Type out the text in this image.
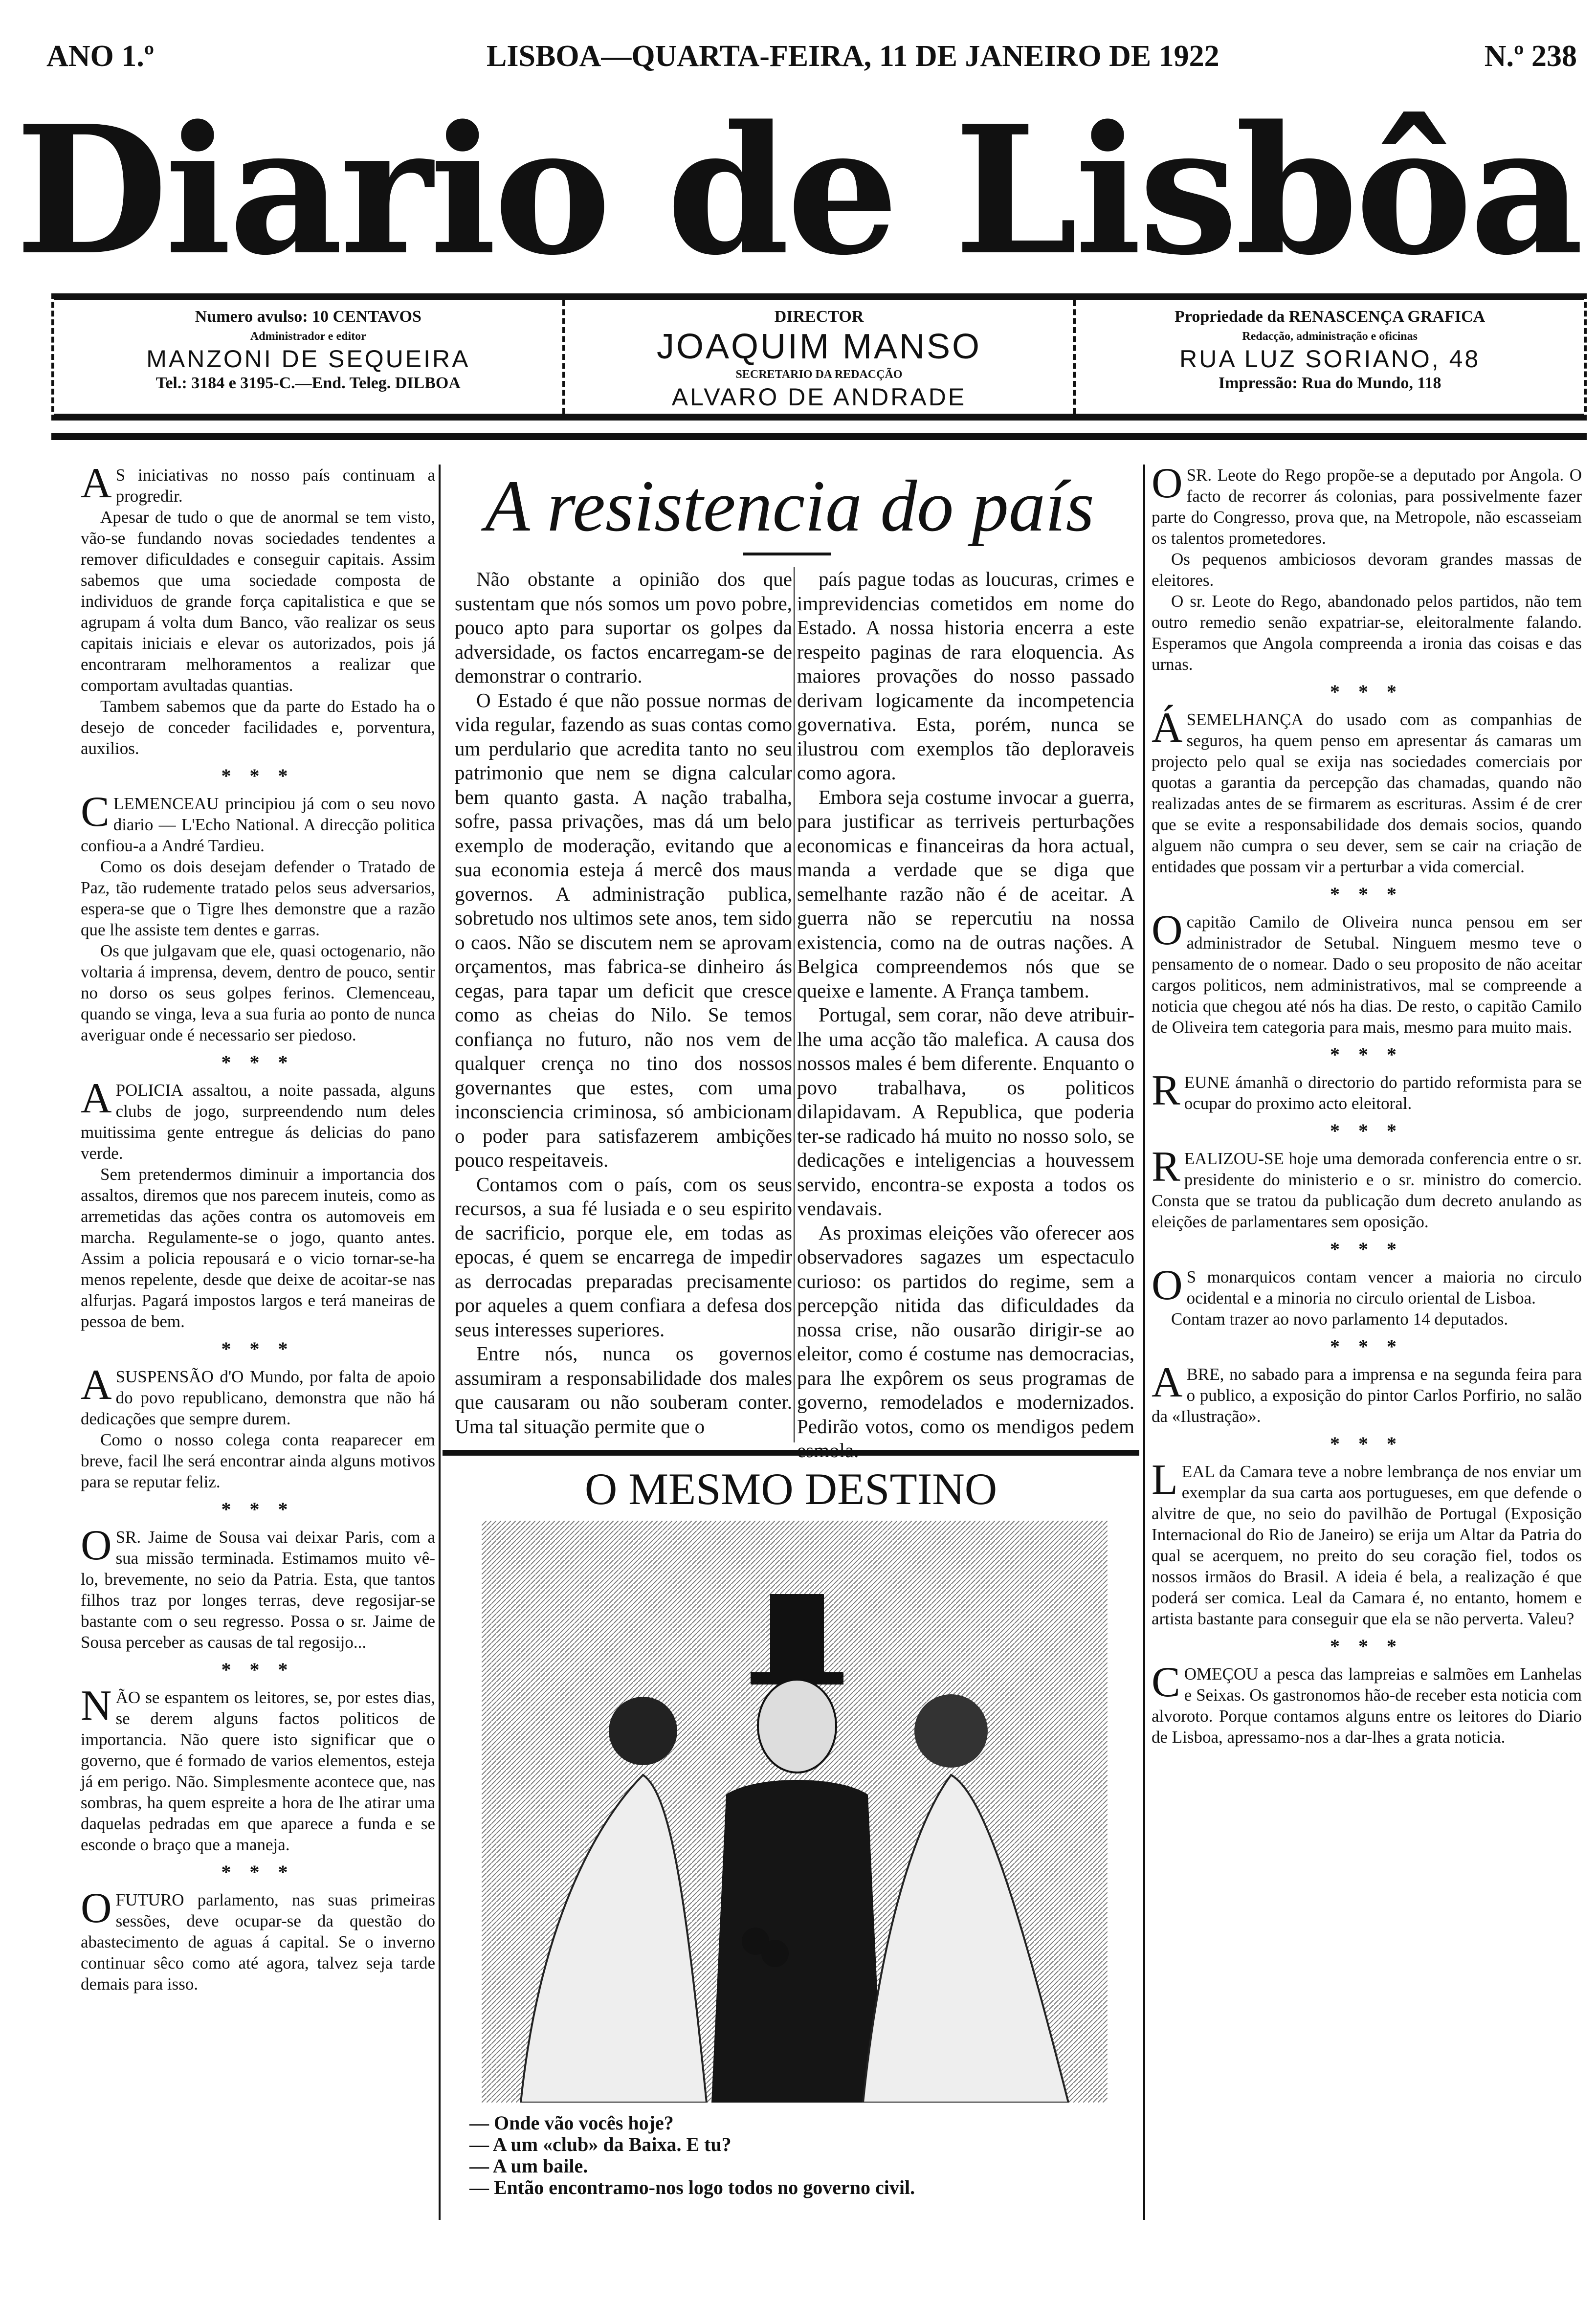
ANO 1.º	LISBOA—QUARTA-FEIRA, 11 DE JANEIRO DE 1922	N.º 238
Diario de Lisbôa
Numero avulso: 10 CENTAVOS
Administrador e editor
MANZONI DE SEQUEIRA
Tel.: 3184 e 3195-C.—End. Teleg. DILBOA
DIRECTOR
JOAQUIM MANSO
SECRETARIO DA REDACÇÃO
ALVARO DE ANDRADE
Propriedade da RENASCENÇA GRAFICA
Redacção, administração e oficinas
RUA LUZ SORIANO, 48
Impressão: Rua do Mundo, 118

AS iniciativas no nosso país continuam a progredir.

Apesar de tudo o que de anormal se tem visto, vão-se fundando novas sociedades tendentes a remover dificuldades e conseguir capitais. Assim sabemos que uma sociedade composta de individuos de grande força capitalistica e que se agrupam á volta dum Banco, vão realizar os seus capitais iniciais e elevar os autorizados, pois já encontraram melhoramentos a realizar que comportam avultadas quantias.

Tambem sabemos que da parte do Estado ha o desejo de conceder facilidades e, porventura, auxilios.

* * *

CLEMENCEAU principiou já com o seu novo diario — L'Echo National. A direcção politica confiou-a a André Tardieu.

Como os dois desejam defender o Tratado de Paz, tão rudemente tratado pelos seus adversarios, espera-se que o Tigre lhes demonstre que a razão que lhe assiste tem dentes e garras.

Os que julgavam que ele, quasi octogenario, não voltaria á imprensa, devem, dentro de pouco, sentir no dorso os seus golpes ferinos. Clemenceau, quando se vinga, leva a sua furia ao ponto de nunca averiguar onde é necessario ser piedoso.

* * *

APOLICIA assaltou, a noite passada, alguns clubs de jogo, surpreendendo num deles muitissima gente entregue ás delicias do pano verde.

Sem pretendermos diminuir a importancia dos assaltos, diremos que nos parecem inuteis, como as arremetidas das ações contra os automoveis em marcha. Regulamente-se o jogo, quanto antes. Assim a policia repousará e o vicio tornar-se-ha menos repelente, desde que deixe de acoitar-se nas alfurjas. Pagará impostos largos e terá maneiras de pessoa de bem.

* * *

ASUSPENSÃO d'O Mundo, por falta de apoio do povo republicano, demonstra que não há dedicações que sempre durem.

Como o nosso colega conta reaparecer em breve, facil lhe será encontrar ainda alguns motivos para se reputar feliz.

* * *

OSR. Jaime de Sousa vai deixar Paris, com a sua missão terminada. Estimamos muito vê-lo, brevemente, no seio da Patria. Esta, que tantos filhos traz por longes terras, deve regosijar-se bastante com o seu regresso. Possa o sr. Jaime de Sousa perceber as causas de tal regosijo...

* * *

NÃO se espantem os leitores, se, por estes dias, se derem alguns factos politicos de importancia. Não quere isto significar que o governo, que é formado de varios elementos, esteja já em perigo. Não. Simplesmente acontece que, nas sombras, ha quem espreite a hora de lhe atirar uma daquelas pedradas em que aparece a funda e se esconde o braço que a maneja.

* * *

OFUTURO parlamento, nas suas primeiras sessões, deve ocupar-se da questão do abastecimento de aguas á capital. Se o inverno continuar sêco como até agora, talvez seja tarde demais para isso.

A resistencia do país

Não obstante a opinião dos que sustentam que nós somos um povo pobre, pouco apto para suportar os golpes da adversidade, os factos encarregam-se de demonstrar o contrario.

O Estado é que não possue normas de vida regular, fazendo as suas contas como um perdulario que acredita tanto no seu patrimonio que nem se digna calcular bem quanto gasta. A nação trabalha, sofre, passa privações, mas dá um belo exemplo de moderação, evitando que a sua economia esteja á mercê dos maus governos. A administração publica, sobretudo nos ultimos sete anos, tem sido o caos. Não se discutem nem se aprovam orçamentos, mas fabrica-se dinheiro ás cegas, para tapar um deficit que cresce como as cheias do Nilo. Se temos confiança no futuro, não nos vem de qualquer crença no tino dos nossos governantes que estes, com uma inconsciencia criminosa, só ambicionam o poder para satisfazerem ambições pouco respeitaveis.

Contamos com o país, com os seus recursos, a sua fé lusiada e o seu espirito de sacrificio, porque ele, em todas as epocas, é quem se encarrega de impedir as derrocadas preparadas precisamente por aqueles a quem confiara a defesa dos seus interesses superiores.

Entre nós, nunca os governos assumiram a responsabilidade dos males que causaram ou não souberam conter. Uma tal situação permite que o

país pague todas as loucuras, crimes e imprevidencias cometidos em nome do Estado. A nossa historia encerra a este respeito paginas de rara eloquencia. As maiores provações do nosso passado derivam logicamente da incompetencia governativa. Esta, porém, nunca se ilustrou com exemplos tão deploraveis como agora.

Embora seja costume invocar a guerra, para justificar as terriveis perturbações economicas e financeiras da hora actual, manda a verdade que se diga que semelhante razão não é de aceitar. A guerra não se repercutiu na nossa existencia, como na de outras nações. A Belgica compreendemos nós que se queixe e lamente. A França tambem.

Portugal, sem corar, não deve atribuir-lhe uma acção tão malefica. A causa dos nossos males é bem diferente. Enquanto o povo trabalhava, os politicos dilapidavam. A Republica, que poderia ter-se radicado há muito no nosso solo, se dedicações e inteligencias a houvessem servido, encontra-se exposta a todos os vendavais.

As proximas eleições vão oferecer aos observadores sagazes um espectaculo curioso: os partidos do regime, sem a percepção nitida das dificuldades da nossa crise, não ousarão dirigir-se ao eleitor, como é costume nas democracias, para lhe expôrem os seus programas de governo, remodelados e modernizados. Pedirão votos, como os mendigos pedem

O MESMO DESTINO
— Onde vão vocês hoje?
— A um «club» da Baixa. E tu?
— A um baile.
— Então encontramo-nos logo todos no governo civil.

OSR. Leote do Rego propõe-se a deputado por Angola. O facto de recorrer ás colonias, para possivelmente fazer parte do Congresso, prova que, na Metropole, não escasseiam os talentos prometedores.

Os pequenos ambiciosos devoram grandes massas de eleitores.

O sr. Leote do Rego, abandonado pelos partidos, não tem outro remedio senão expatriar-se, eleitoralmente falando. Esperamos que Angola compreenda a ironia das coisas e das urnas.

* * *

ÁSEMELHANÇA do usado com as companhias de seguros, ha quem penso em apresentar ás camaras um projecto pelo qual se exija nas sociedades comerciais por quotas a garantia da percepção das chamadas, quando não realizadas antes de se firmarem as escrituras. Assim é de crer que se evite a responsabilidade dos demais socios, quando alguem não cumpra o seu dever, sem se cair na criação de entidades que possam vir a perturbar a vida comercial.

* * *

Ocapitão Camilo de Oliveira nunca pensou em ser administrador de Setubal. Ninguem mesmo teve o pensamento de o nomear. Dado o seu proposito de não aceitar cargos politicos, nem administrativos, mal se compreende a noticia que chegou até nós ha dias. De resto, o capitão Camilo de Oliveira tem categoria para mais, mesmo para muito mais.

* * *

REUNE ámanhã o directorio do partido reformista para se ocupar do proximo acto eleitoral.

* * *

REALIZOU-SE hoje uma demorada conferencia entre o sr. presidente do ministerio e o sr. ministro do comercio. Consta que se tratou da publicação dum decreto anulando as eleições de parlamentares sem oposição.

* * *

OS monarquicos contam vencer a maioria no circulo ocidental e a minoria no circulo oriental de Lisboa.

Contam trazer ao novo parlamento 14 deputados.

* * *

ABRE, no sabado para a imprensa e na segunda feira para o publico, a exposição do pintor Carlos Porfirio, no salão da «Ilustração».

* * *

LEAL da Camara teve a nobre lembrança de nos enviar um exemplar da sua carta aos portugueses, em que defende o alvitre de que, no seio do pavilhão de Portugal (Exposição Internacional do Rio de Janeiro) se erija um Altar da Patria do qual se acerquem, no preito do seu coração fiel, todos os nossos irmãos do Brasil. A ideia é bela, a realização é que poderá ser comica. Leal da Camara é, no entanto, homem e artista bastante para conseguir que ela se não perverta. Valeu?

* * *

COMEÇOU a pesca das lampreias e salmões em Lanhelas e Seixas. Os gastronomos hão-de receber esta noticia com alvoroto. Porque contamos alguns entre os leitores do Diario de Lisboa, apressamo-nos a dar-lhes a grata noticia.
